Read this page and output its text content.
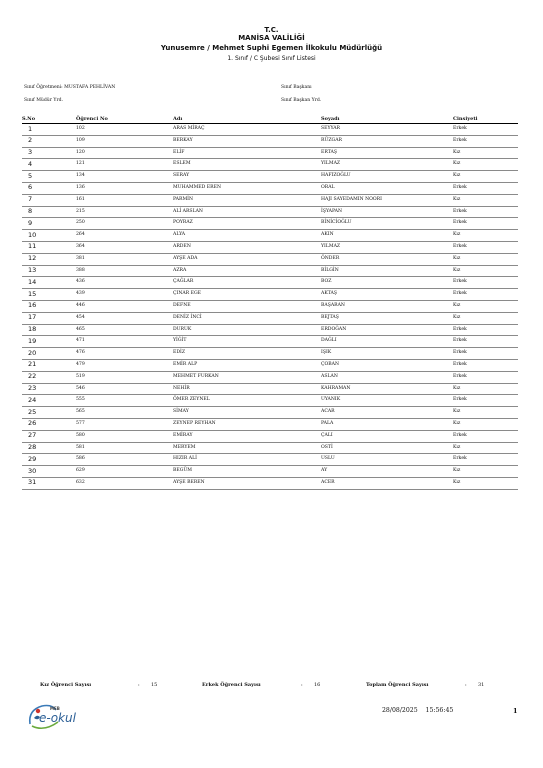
T.C.
MANİSA VALİLİĞİ
Yunusemre / Mehmet Suphi Egemen İlkokulu Müdürlüğü
1. Sınıf / C Şubesi Sınıf Listesi
Sınıf Öğretmeni: MUSTAFA PEHLİVAN
Sınıf Müdür Yrd.
Sınıf Başkanı
Sınıf Başkan Yrd.
S.No	Öğrenci No	Adı	Soyadı	Cinsiyeti
1	102	ARAS MİRAÇ	SEYYAR	Erkek
2	109	BERKAY	RÜZGAR	Erkek
3	120	ELİF	ERTAŞ	Kız
4	121	ESLEM	YILMAZ	Kız
5	134	SERAY	HAFIZOĞLU	Kız
6	136	MUHAMMED EREN	ORAL	Erkek
7	161	PARMİN	HAJI SAYEDAMIN NOORI	Kız
8	215	ALİ ARSLAN	İŞYAPAN	Erkek
9	250	POYRAZ	BİNİCİOĞLU	Erkek
10	264	ALYA	AKIN	Kız
11	364	ARDEN	YILMAZ	Erkek
12	381	AYŞE ADA	ÖNDER	Kız
13	388	AZRA	BİLGİN	Kız
14	436	ÇAĞLAR	BOZ	Erkek
15	439	ÇINAR EGE	AKTAŞ	Erkek
16	446	DEFNE	BAŞARAN	Kız
17	454	DENİZ İNCİ	BEJTAŞ	Kız
18	465	DURUK	ERDOĞAN	Erkek
19	471	YİĞİT	DAĞLI	Erkek
20	476	EDİZ	IŞIK	Erkek
21	479	EMİR ALP	ÇOBAN	Erkek
22	519	MEHMET FURKAN	ASLAN	Erkek
23	546	NEHİR	KAHRAMAN	Kız
24	555	ÖMER ZEYNEL	UYANIK	Erkek
25	565	SİMAY	ACAR	Kız
26	577	ZEYNEP REYHAN	PALA	Kız
27	580	EMİRAY	ÇALI	Erkek
28	581	MERYEM	OSTİ	Kız
29	586	HIZIR ALİ	USLU	Erkek
30	629	BEGÜM	AY	Kız
31	632	AYŞE BEREN	ACER	Kız
Kız Öğrenci Sayısı	: 15	Erkek Öğrenci Sayısı	: 16	Toplam Öğrenci Sayısı	: 31
MEB
e-okul
28/08/2025    15:56:45	1
